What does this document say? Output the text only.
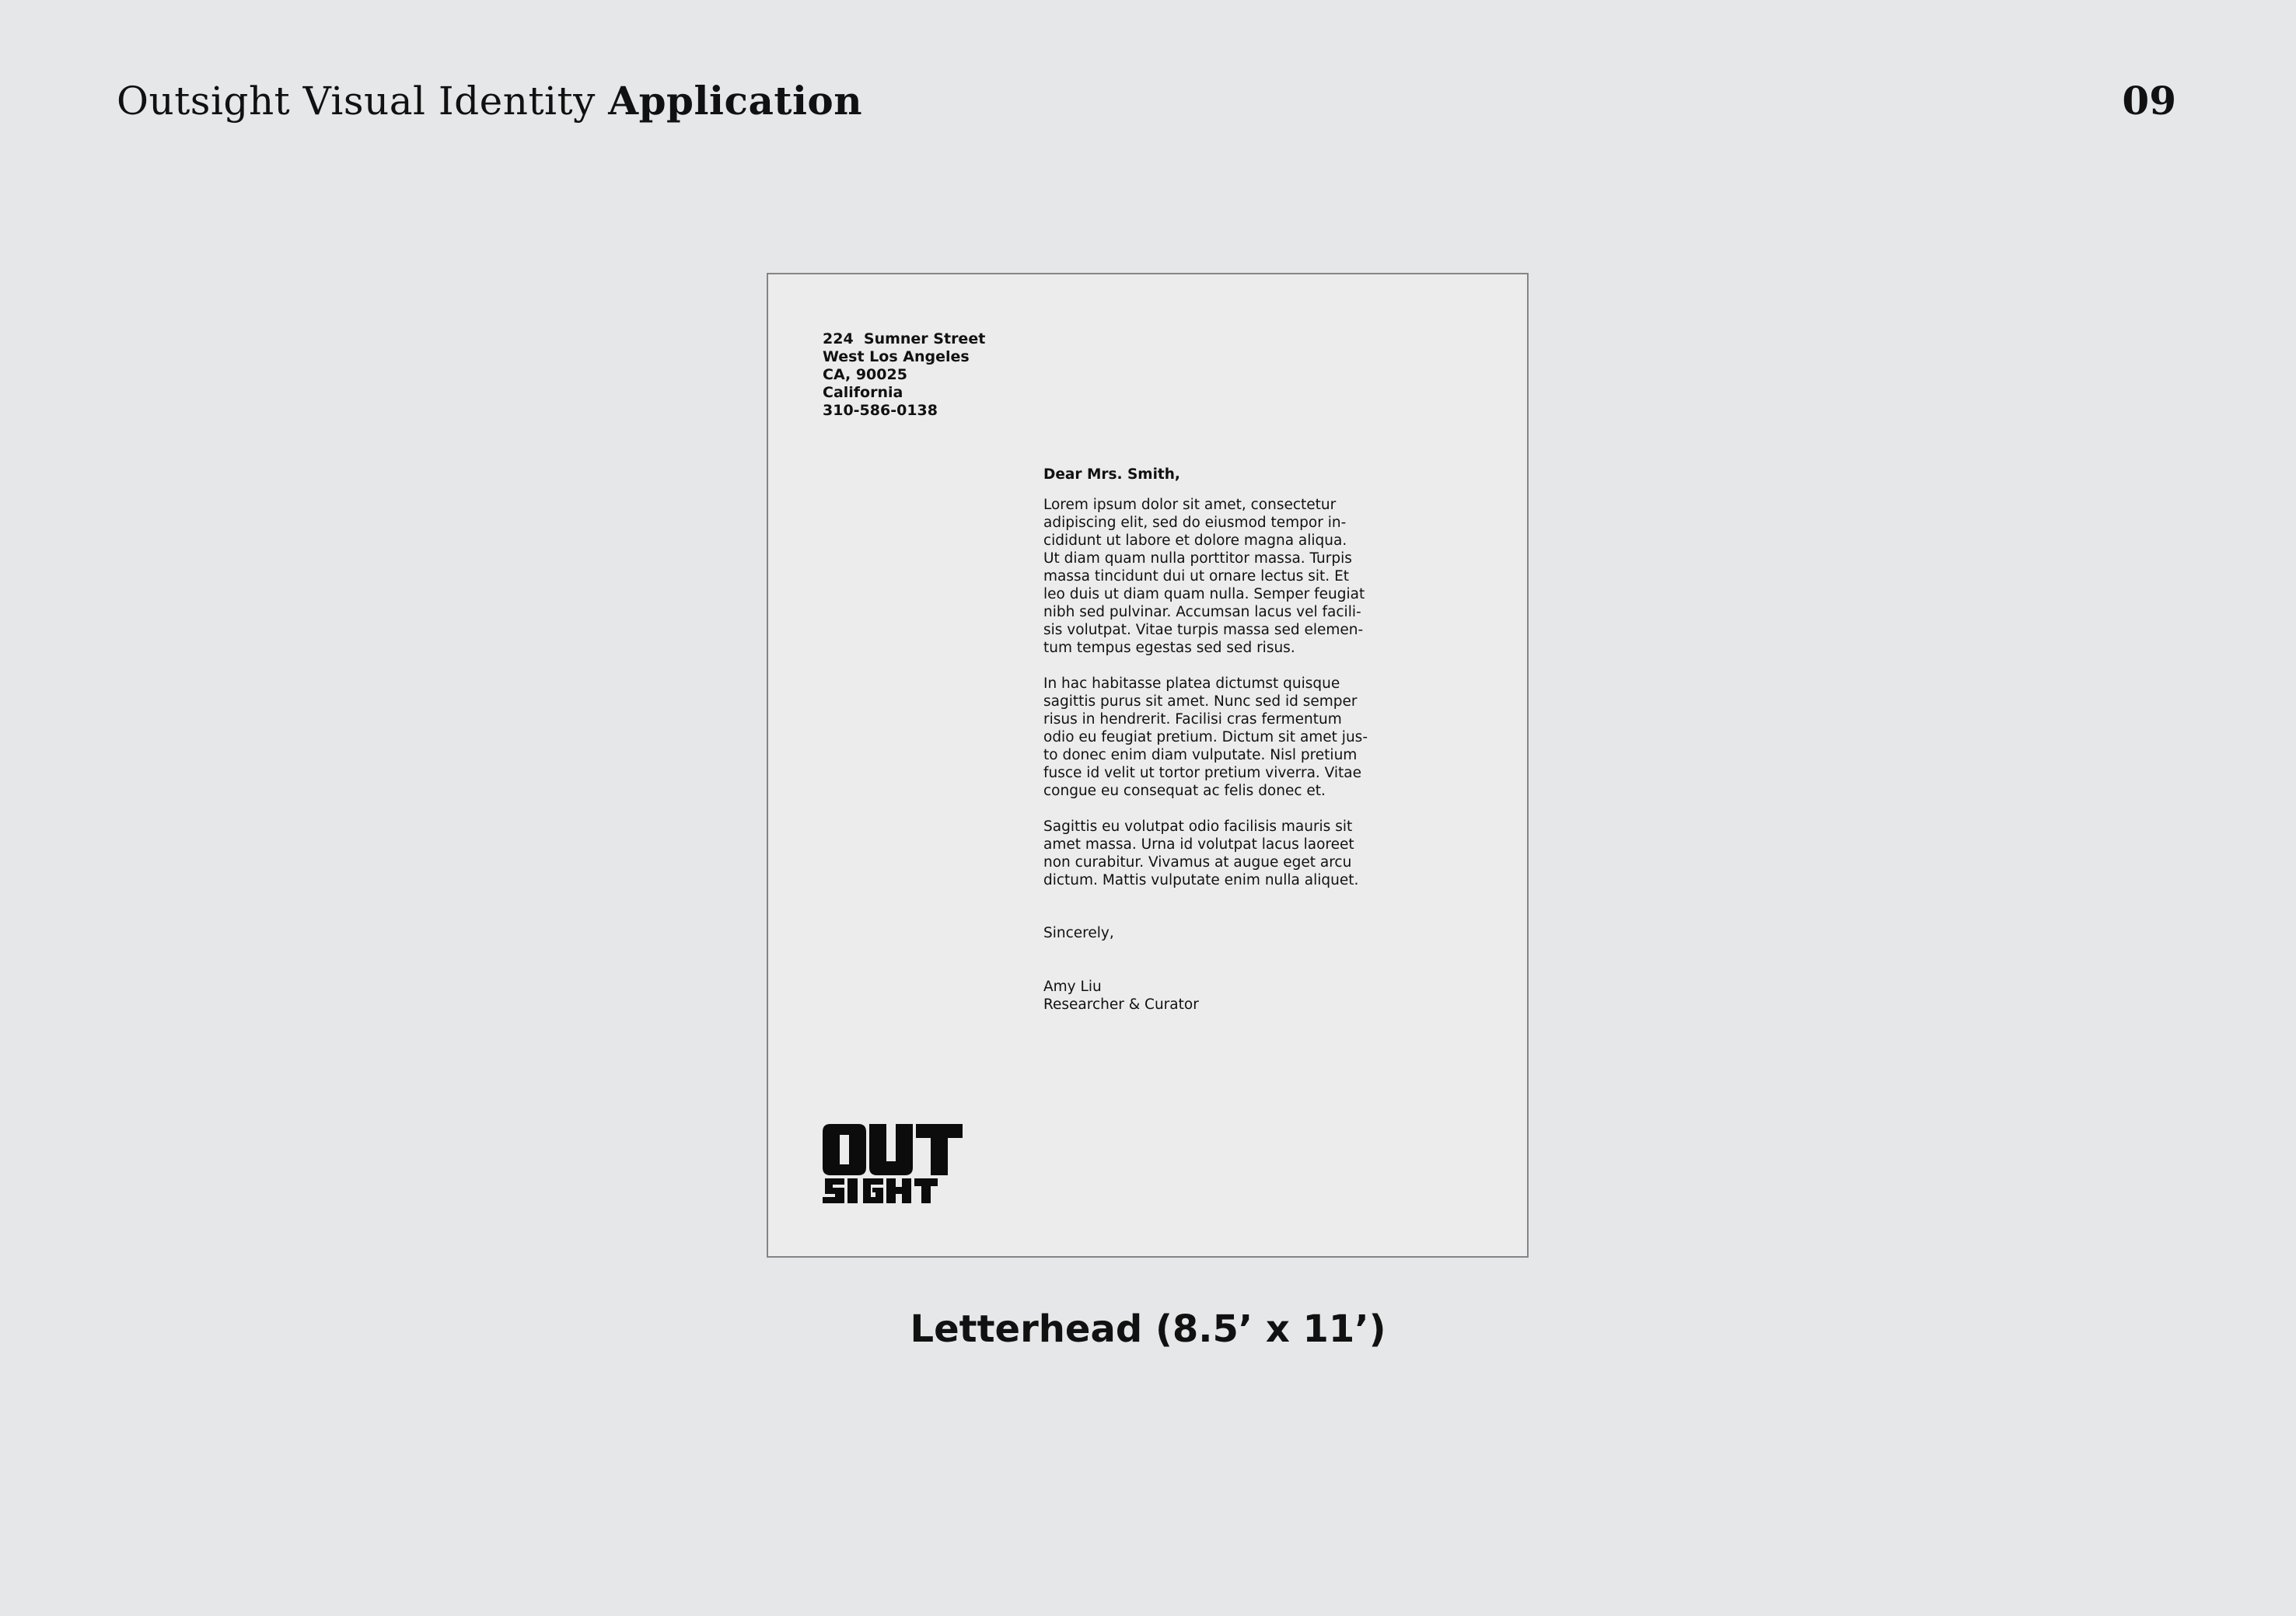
Outsight Visual Identity Application	09
224  Sumner Street
West Los Angeles
CA, 90025
California
310-586-0138
Dear Mrs. Smith,

Lorem ipsum dolor sit amet, consectetur
adipiscing elit, sed do eiusmod tempor in-
cididunt ut labore et dolore magna aliqua.
Ut diam quam nulla porttitor massa. Turpis
massa tincidunt dui ut ornare lectus sit. Et
leo duis ut diam quam nulla. Semper feugiat
nibh sed pulvinar. Accumsan lacus vel facili-
sis volutpat. Vitae turpis massa sed elemen-
tum tempus egestas sed sed risus.

In hac habitasse platea dictumst quisque
sagittis purus sit amet. Nunc sed id semper
risus in hendrerit. Facilisi cras fermentum
odio eu feugiat pretium. Dictum sit amet jus-
to donec enim diam vulputate. Nisl pretium
fusce id velit ut tortor pretium viverra. Vitae
congue eu consequat ac felis donec et.

Sagittis eu volutpat odio facilisis mauris sit
amet massa. Urna id volutpat lacus laoreet
non curabitur. Vivamus at augue eget arcu
dictum. Mattis vulputate enim nulla aliquet.

Sincerely,
Amy Liu
Researcher & Curator
Letterhead (8.5’ x 11’)
